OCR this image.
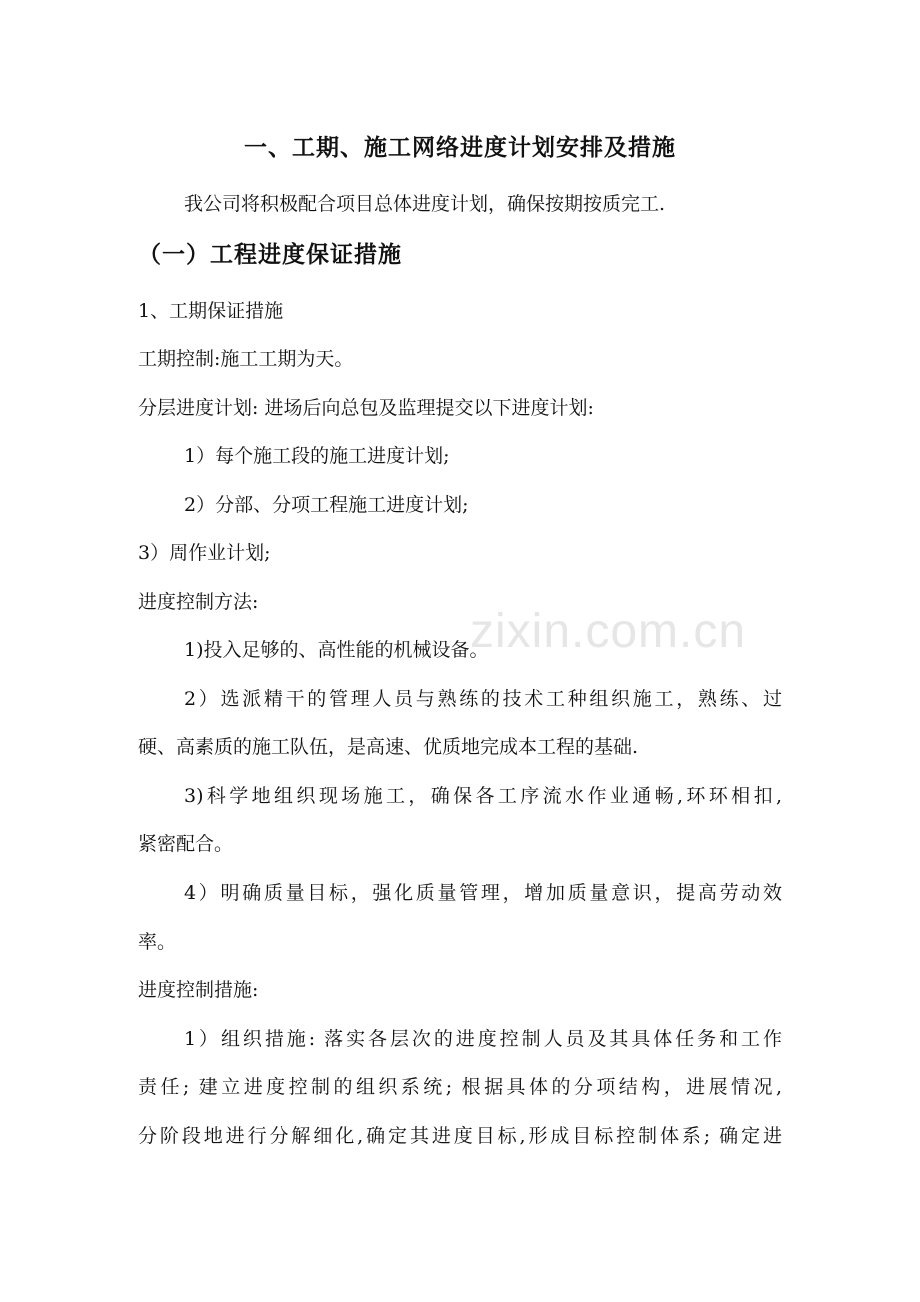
一、工期、施工网络进度计划安排及措施
我公司将积极配合项目总体进度计划，确保按期按质完工.
（一）工程进度保证措施
1、工期保证措施
工期控制:施工工期为天。
分层进度计划: 进场后向总包及监理提交以下进度计划:
1）每个施工段的施工进度计划;
2）分部、分项工程施工进度计划;
3）周作业计划;
进度控制方法:
1)投入足够的、高性能的机械设备。
2）选派精干的管理人员与熟练的技术工种组织施工，熟练、过
硬、高素质的施工队伍，是高速、优质地完成本工程的基础.
3)科学地组织现场施工，确保各工序流水作业通畅,环环相扣,
紧密配合。
4）明确质量目标，强化质量管理，增加质量意识，提高劳动效
率。
进度控制措施:
1）组织措施: 落实各层次的进度控制人员及其具体任务和工作
责任; 建立进度控制的组织系统; 根据具体的分项结构，进展情况,
分阶段地进行分解细化,确定其进度目标,形成目标控制体系; 确定进
zixin.com.cn
